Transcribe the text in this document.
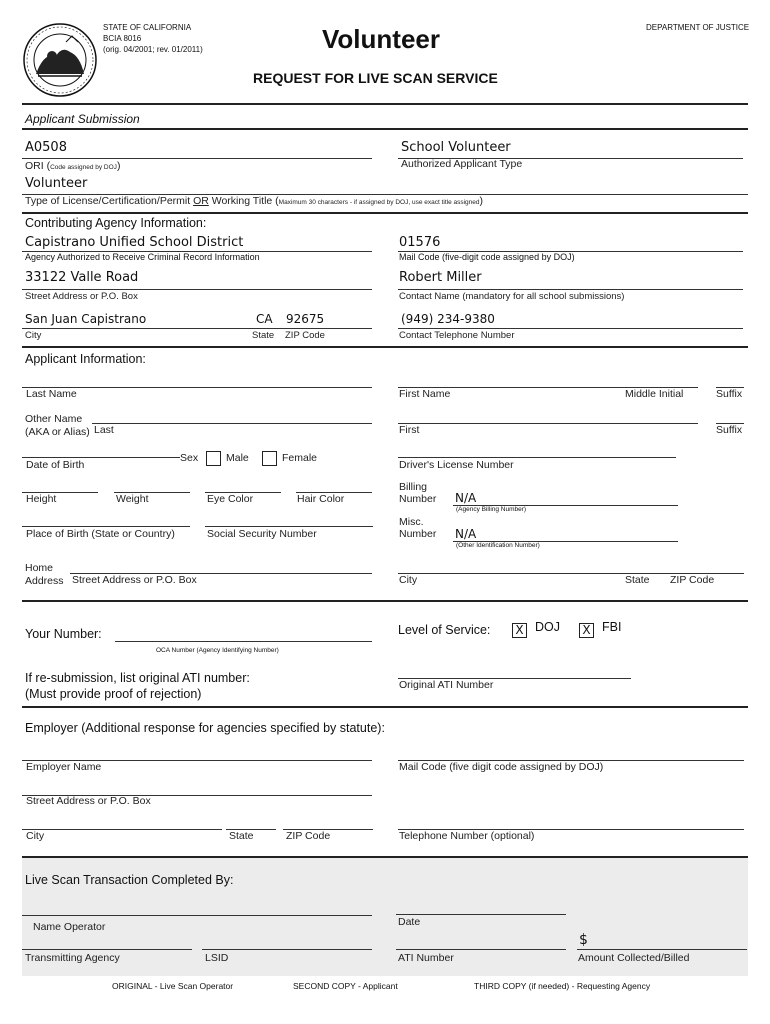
STATE OF CALIFORNIA
BCIA 8016
(orig. 04/2001; rev. 01/2011)	Volunteer	DEPARTMENT OF JUSTICE
REQUEST FOR LIVE SCAN SERVICE
Applicant Submission
A0508
ORI (Code assigned by DOJ)
School Volunteer
Authorized Applicant Type
Volunteer
Type of License/Certification/Permit OR Working Title (Maximum 30 characters - if assigned by DOJ, use exact title assigned)
Contributing Agency Information:
Capistrano Unified School District
Agency Authorized to Receive Criminal Record Information
01576
Mail Code (five-digit code assigned by DOJ)
33122 Valle Road
Street Address or P.O. Box
Robert Miller
Contact Name (mandatory for all school submissions)
San Juan Capistrano
City
CA
State
92675
ZIP Code
(949) 234-9380
Contact Telephone Number
Applicant Information:
Last Name	First Name	Middle Initial	Suffix
Other Name
(AKA or Alias) Last	First	Suffix
Date of Birth
Sex	Male	Female
Driver's License Number
Height	Weight	Eye Color	Hair Color
Billing
Number N/A
(Agency Billing Number)
Place of Birth (State or Country)	Social Security Number
Misc.
Number N/A
(Other Identification Number)
Home
Address Street Address or P.O. Box	City	State ZIP Code
Your Number:
OCA Number (Agency Identifying Number)
Level of Service: X DOJ X FBI
If re-submission, list original ATI number:
(Must provide proof of rejection)
Original ATI Number
Employer (Additional response for agencies specified by statute):
Employer Name	Mail Code (five digit code assigned by DOJ)
Street Address or P.O. Box
City	State	ZIP Code	Telephone Number (optional)
Live Scan Transaction Completed By:
Name Operator	Date
Transmitting Agency	LSID	ATI Number
$
Amount Collected/Billed
ORIGINAL - Live Scan Operator	SECOND COPY - Applicant	THIRD COPY (if needed) - Requesting Agency
